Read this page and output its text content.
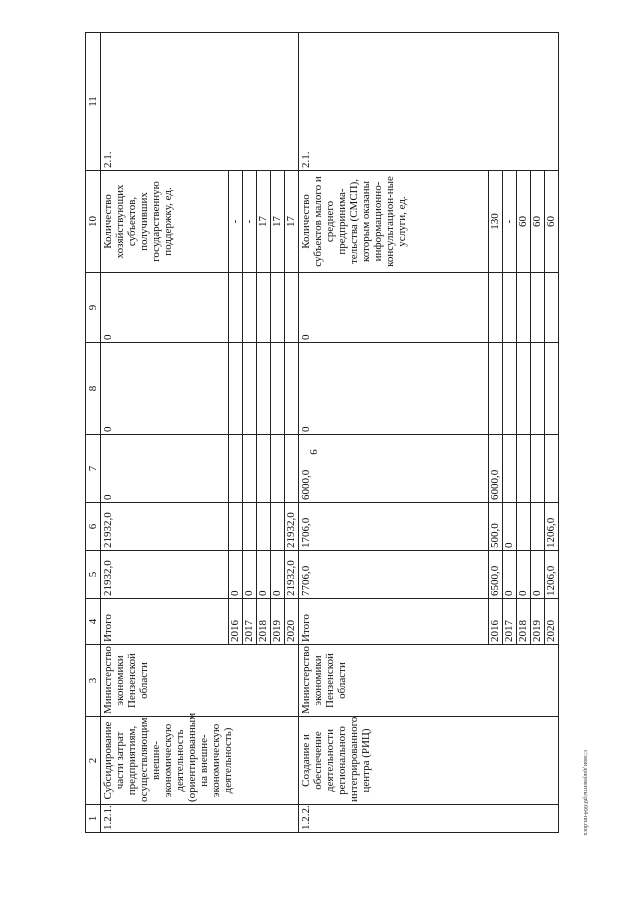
9
c:\мои документы\p0\664-пп.docx
1	2	3	4	5	6	7	8	9	10	11
1.2.1.	Субсидирование части затрат предприятиям, осуществляющим внешне-экономическую деятельность (ориентированным на внешне-экономическую деятельность)	Министерство экономики Пензенской области	Итого	21932,0	21932,0	0	0	0	Количество хозяйствующих субъектов, получивших государственную поддержку, ед.	2.1.
			2016	0					-	
			2017	0					-	
			2018	0					17	
			2019	0					17	
			2020	21932,0	21932,0				17	
1.2.2.	Создание и обеспечение деятельности регионального интегрированного центра (РИЦ)	Министерство экономики Пензенской области	Итого	7706,0	1706,0	6000,0	0	0	Количество субъектов малого и среднего предпринима-тельства (СМСП), которым оказаны информационно-консультацион-ные услуги, ед.	2.1.
			2016	6500,0	500,0	6000,0			130	
			2017	0	0				-	
			2018	0					60	
			2019	0					60	
			2020	1206,0	1206,0				60	
